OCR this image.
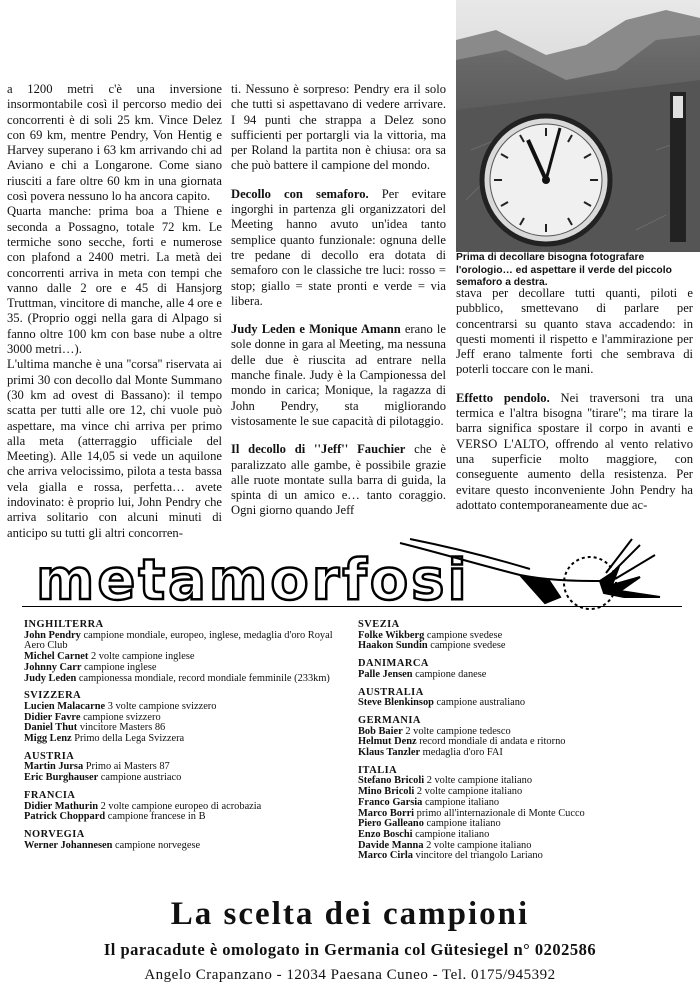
a 1200 metri c'è una inversione insormontabile così il percorso medio dei concorrenti è di soli 25 km. Vince Delez con 69 km, mentre Pendry, Von Hentig e Harvey superano i 63 km arrivando chi ad Aviano e chi a Longarone. Come siano riusciti a fare oltre 60 km in una giornata così povera nessuno lo ha ancora capito.

Quarta manche: prima boa a Thiene e seconda a Possagno, totale 72 km. Le termiche sono secche, forti e numerose con plafond a 2400 metri. La metà dei concorrenti arriva in meta con tempi che vanno dalle 2 ore e 45 di Hansjorg Truttman, vincitore di manche, alle 4 ore e 35. (Proprio oggi nella gara di Alpago si fanno oltre 100 km con base nube a oltre 3000 metri…).

L'ultima manche è una ''corsa'' riservata ai primi 30 con decollo dal Monte Summano (30 km ad ovest di Bassano): il tempo scatta per tutti alle ore 12, chi vuole può aspettare, ma vince chi arriva per primo alla meta (atterraggio ufficiale del Meeting). Alle 14,05 si vede un aquilone che arriva velocissimo, pilota a testa bassa vela gialla e rossa, perfetta… avete indovinato: è proprio lui, John Pendry che arriva solitario con alcuni minuti di anticipo su tutti gli altri concorren-

ti. Nessuno è sorpreso: Pendry era il solo che tutti si aspettavano di vedere arrivare. I 94 punti che strappa a Delez sono sufficienti per portargli via la vittoria, ma per Roland la partita non è chiusa: ora sa che può battere il campione del mondo.

Decollo con semaforo. Per evitare ingorghi in partenza gli organizzatori del Meeting hanno avuto un'idea tanto semplice quanto funzionale: ognuna delle tre pedane di decollo era dotata di semaforo con le classiche tre luci: rosso = stop; giallo = state pronti e verde = via libera.

Judy Leden e Monique Amann erano le sole donne in gara al Meeting, ma nessuna delle due è riuscita ad entrare nella manche finale. Judy è la Campionessa del mondo in carica; Monique, la ragazza di John Pendry, sta migliorando vistosamente le sue capacità di pilotaggio.

Il decollo di ''Jeff'' Fauchier che è paralizzato alle gambe, è possibile grazie alle ruote montate sulla barra di guida, la spinta di un amico e… tanto coraggio. Ogni giorno quando Jeff

Prima di decollare bisogna fotografare l'orologio… ed aspettare il verde del piccolo semaforo a destra.

stava per decollare tutti quanti, piloti e pubblico, smettevano di parlare per concentrarsi su quanto stava accadendo: in questi momenti il rispetto e l'ammirazione per Jeff erano talmente forti che sembrava di poterli toccare con le mani.

Effetto pendolo. Nei traversoni tra una termica e l'altra bisogna ''tirare''; ma tirare la barra significa spostare il corpo in avanti e VERSO L'ALTO, offrendo al vento relativo una superficie molto maggiore, con conseguente aumento della resistenza. Per evitare questo inconveniente John Pendry ha adottato contemporaneamente due ac-

metamorfosi
INGHILTERRA
John Pendry campione mondiale, europeo, inglese, medaglia d'oro Royal Aero Club
Michel Carnet 2 volte campione inglese
Johnny Carr campione inglese
Judy Leden campionessa mondiale, record mondiale femminile (233km)
SVIZZERA
Lucien Malacarne 3 volte campione svizzero
Didier Favre campione svizzero
Daniel Thut vincitore Masters 86
Migg Lenz Primo della Lega Svizzera
AUSTRIA
Martin Jursa Primo ai Masters 87
Eric Burghauser campione austriaco
FRANCIA
Didier Mathurin 2 volte campione europeo di acrobazia
Patrick Choppard campione francese in B
NORVEGIA
Werner Johannesen campione norvegese
SVEZIA
Folke Wikberg campione svedese
Haakon Sundin campione svedese
DANIMARCA
Palle Jensen campione danese
AUSTRALIA
Steve Blenkinsop campione australiano
GERMANIA
Bob Baier 2 volte campione tedesco
Helmut Denz record mondiale di andata e ritorno
Klaus Tanzler medaglia d'oro FAI
ITALIA
Stefano Bricoli 2 volte campione italiano
Mino Bricoli 2 volte campione italiano
Franco Garsia campione italiano
Marco Borri primo all'internazionale di Monte Cucco
Piero Galleano campione italiano
Enzo Boschi campione italiano
Davide Manna 2 volte campione italiano
Marco Cirla vincitore del triangolo Lariano
La scelta dei campioni
Il paracadute è omologato in Germania col Gütesiegel n° 0202586
Angelo Crapanzano - 12034 Paesana Cuneo - Tel. 0175/945392
